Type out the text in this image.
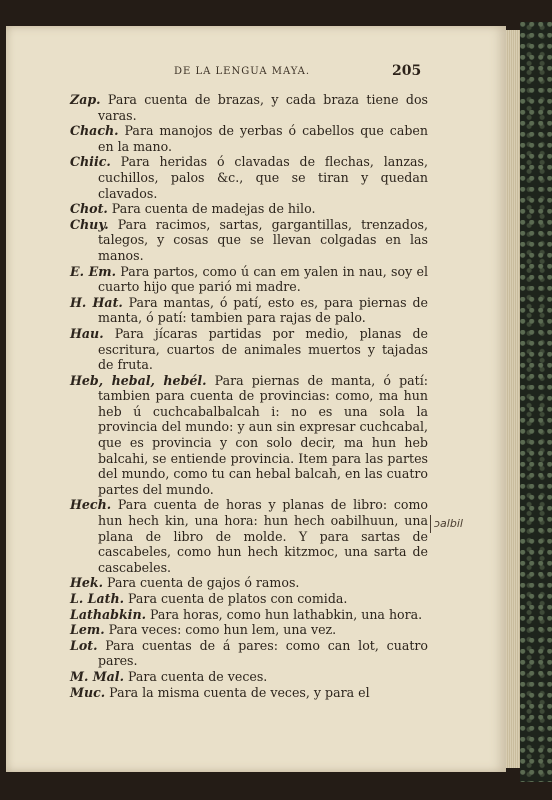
DE LA LENGUA MAYA.	205

Zap. Para cuenta de brazas, y cada braza tiene dos varas.

Chach. Para manojos de yerbas ó cabellos que caben en la mano.

Chiic. Para heridas ó clavadas de flechas, lanzas, cuchillos, palos &c., que se tiran y quedan clavados.

Chot. Para cuenta de madejas de hilo.

Chuy. Para racimos, sartas, gargantillas, trenzados, talegos, y cosas que se llevan colgadas en las manos.

E. Em. Para partos, como ú can em yalen in nau, soy el cuarto hijo que parió mi madre.

H. Hat. Para mantas, ó patí, esto es, para piernas de manta, ó patí: tambien para rajas de palo.

Hau. Para jícaras partidas por medio, planas de escritura, cuartos de animales muertos y tajadas de fruta.

Heb, hebal, hebél. Para piernas de manta, ó patí: tambien para cuenta de provincias: como, ma hun heb ú cuchcabalbalcah i: no es una sola la provincia del mundo: y aun sin expresar cuchcabal, que es provincia y con solo decir, ma hun heb balcahi, se entiende provincia. Item para las partes del mundo, como tu can hebal balcah, en las cuatro partes del mundo.

Hech. Para cuenta de horas y planas de libro: como hun hech kin, una hora: hun hech oabilhuun, una plana de libro de molde. Y para sartas de cascabeles, como hun hech kitzmoc, una sarta de cascabeles.

Hek. Para cuenta de gajos ó ramos.

L. Lath. Para cuenta de platos con comida.

Lathabkin. Para horas, como hun lathabkin, una hora.

Lem. Para veces: como hun lem, una vez.

Lot. Para cuentas de á pares: como can lot, cuatro pares.

M. Mal. Para cuenta de veces.

Muc. Para la misma cuenta de veces, y para el

ɔalbil
